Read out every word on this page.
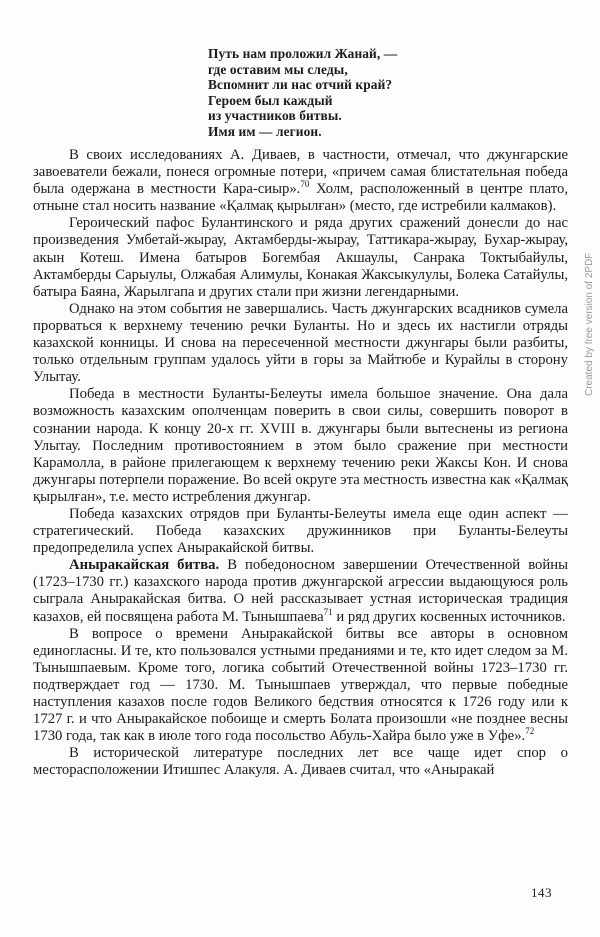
Путь нам проложил Жанай, —
где оставим мы следы,
Вспомнит ли нас отчий край?
Героем был каждый
из участников битвы.
Имя им — легион.

В своих исследованиях А. Диваев, в частности, отмечал, что джунгарские завоеватели бежали, понеся огромные потери, «причем самая блистательная победа была одержана в местности Кара-сиыр».$^{70}$ Холм, расположенный в центре плато, отныне стал носить название «Қалмақ қырылған» (место, где истребили калмаков).

Героический пафос Булантинского и ряда других сражений донесли до нас произведения Умбетай-жырау, Актамберды-жырау, Таттикара-жырау, Бухар-жырау, акын Котеш. Имена батыров Богембая Акшаулы, Санрака Токтыбайулы, Актамберды Сарыулы, Олжабая Алимулы, Конакая Жаксыкулулы, Болека Сатайулы, батыра Баяна, Жарылгапа и других стали при жизни легендарными.

Однако на этом события не завершались. Часть джунгарских всадников сумела прорваться к верхнему течению речки Буланты. Но и здесь их настигли отряды казахской конницы. И снова на пересеченной местности джунгары были разбиты, только отдельным группам удалось уйти в горы за Майтюбе и Курайлы в сторону Улытау.

Победа в местности Буланты-Белеуты имела большое значение. Она дала возможность казахским ополченцам поверить в свои силы, совершить поворот в сознании народа. К концу 20-х гг. XVIII в. джунгары были вытеснены из региона Улытау. Последним противостоянием в этом было сражение при местности Карамолла, в районе прилегающем к верхнему течению реки Жаксы Кон. И снова джунгары потерпели поражение. Во всей округе эта местность известна как «Қалмақ қырылған», т.е. место истребления джунгар.

Победа казахских отрядов при Буланты-Белеуты имела еще один аспект — стратегический. Победа казахских дружинников при Буланты-Белеуты предопределила успех Аныракайской битвы.

Аныракайская битва. В победоносном завершении Отечественной войны (1723–1730 гг.) казахского народа против джунгарской агрессии выдающуюся роль сыграла Аныракайская битва. О ней рассказывает устная историческая традиция казахов, ей посвящена работа М. Тынышпаева$^{71}$ и ряд других косвенных источников.

В вопросе о времени Аныракайской битвы все авторы в основном единогласны. И те, кто пользовался устными преданиями и те, кто идет следом за М. Тынышпаевым. Кроме того, логика событий Отечественной войны 1723–1730 гг. подтверждает год — 1730. М. Тынышпаев утверждал, что первые победные наступления казахов после годов Великого бедствия относятся к 1726 году или к 1727 г. и что Аныракайское побоище и смерть Болата произошли «не позднее весны 1730 года, так как в июле того года посольство Абуль-Хайра было уже в Уфе».$^{72}$

В исторической литературе последних лет все чаще идет спор о месторасположении Итишпес Алакуля. А. Диваев считал, что «Аныракай

Created by free version of 2PDF
143
